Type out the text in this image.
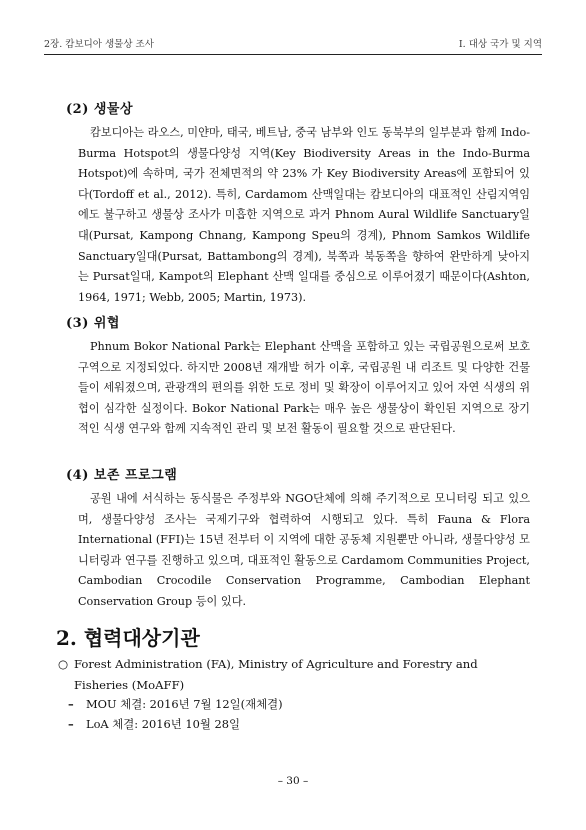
2장. 캄보디아 생물상 조사	Ⅰ. 대상 국가 및 지역
(2) 생물상

캄보디아는 라오스, 미얀마, 태국, 베트남, 중국 남부와 인도 동북부의 일부분과 함께 Indo-Burma Hotspot의 생물다양성 지역(Key Biodiversity Areas in the Indo-Burma Hotspot)에 속하며, 국가 전체면적의 약 23% 가 Key Biodiversity Areas에 포함되어 있다(Tordoff et al., 2012). 특히, Cardamom 산맥일대는 캄보디아의 대표적인 산림지역임에도 불구하고 생물상 조사가 미흡한 지역으로 과거 Phnom Aural Wildlife Sanctuary일대(Pursat, Kampong Chnang, Kampong Speu의 경계), Phnom Samkos Wildlife Sanctuary일대(Pursat, Battambong의 경계), 북쪽과 북동쪽을 향하여 완만하게 낮아지는 Pursat일대, Kampot의 Elephant 산맥 일대를 중심으로 이루어졌기 때문이다(Ashton, 1964, 1971; Webb, 2005; Martin, 1973).

(3) 위협

Phnum Bokor National Park는 Elephant 산맥을 포함하고 있는 국립공원으로써 보호구역으로 지정되었다. 하지만 2008년 재개발 허가 이후, 국립공원 내 리조트 및 다양한 건물들이 세워졌으며, 관광객의 편의를 위한 도로 정비 및 확장이 이루어지고 있어 자연 식생의 위협이 심각한 실정이다. Bokor National Park는 매우 높은 생물상이 확인된 지역으로 장기적인 식생 연구와 함께 지속적인 관리 및 보전 활동이 필요할 것으로 판단된다.

(4) 보존 프로그램

공원 내에 서식하는 동식물은 주정부와 NGO단체에 의해 주기적으로 모니터링 되고 있으며, 생물다양성 조사는 국제기구와 협력하여 시행되고 있다. 특히 Fauna & Flora International (FFI)는 15년 전부터 이 지역에 대한 공동체 지원뿐만 아니라, 생물다양성 모니터링과 연구를 진행하고 있으며, 대표적인 활동으로 Cardamom Communities Project, Cambodian Crocodile Conservation Programme, Cambodian Elephant Conservation Group 등이 있다.

2. 협력대상기관
○ Forest Administration (FA), Ministry of Agriculture and Forestry and Fisheries (MoAFF)
– MOU 체결: 2016년 7월 12일(재체결)
– LoA 체결: 2016년 10월 28일
– 30 –
